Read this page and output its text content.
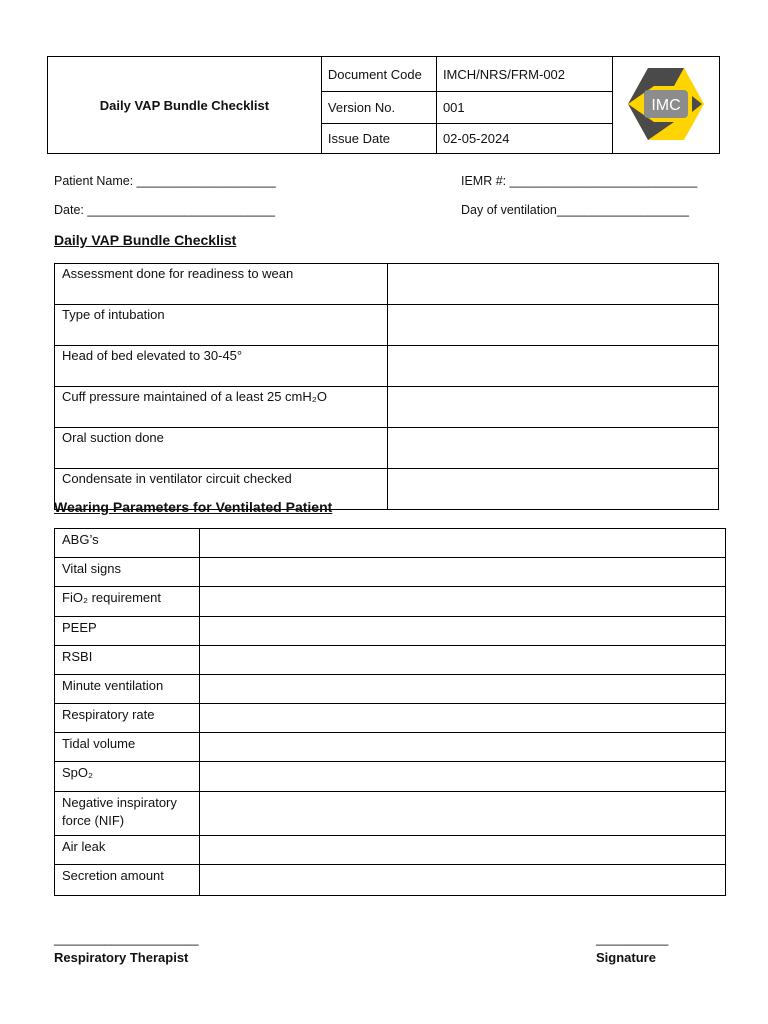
Daily VAP Bundle Checklist	Document Code	IMCH/NRS/FRM-002	IMC

	Version No.	001	
	Issue Date	02-05-2024	
Patient Name: ____________________	IEMR #: ___________________________
Date: ___________________________	Day of ventilation___________________
Daily VAP Bundle Checklist
Assessment done for readiness to wean	
Type of intubation	
Head of bed elevated to 30-45°	
Cuff pressure maintained of a least 25 cmH₂O	
Oral suction done	
Condensate in ventilator circuit checked	
Wearing Parameters for Ventilated Patient
ABG’s	
Vital signs	
FiO₂ requirement	
PEEP	
RSBI	
Minute ventilation	
Respiratory rate	
Tidal volume	
SpO₂	
Negative inspiratory force (NIF)	
Air leak	
Secretion amount	
____________________
Respiratory Therapist
__________
Signature
